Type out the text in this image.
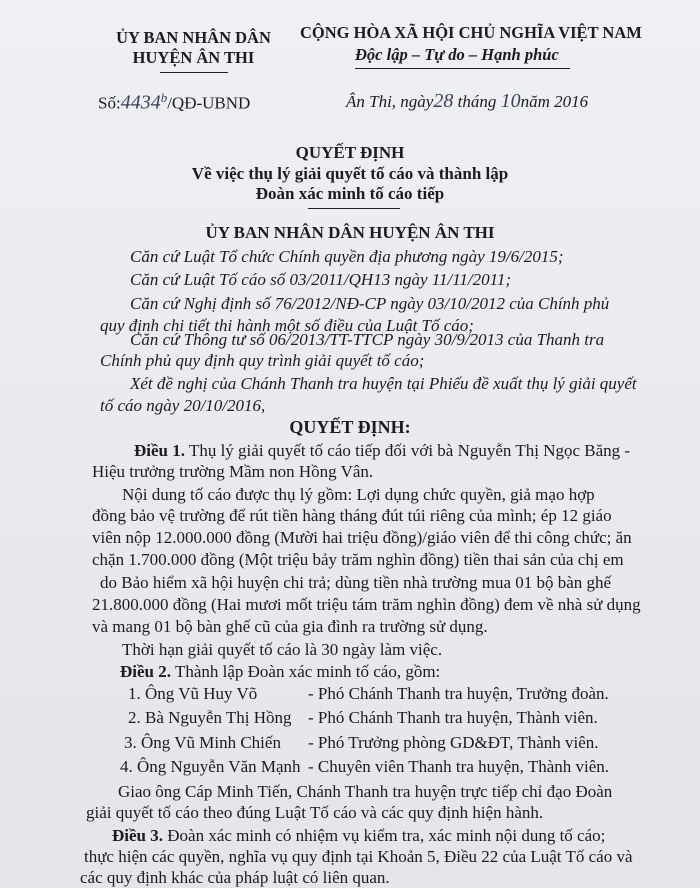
ỦY BAN NHÂN DÂN
HUYỆN ÂN THI
CỘNG HÒA XÃ HỘI CHỦ NGHĨA VIỆT NAM
Độc lập – Tự do – Hạnh phúc
Số:4434$^b$/QĐ-UBND	Ân Thi, ngày28 tháng 10năm 2016
QUYẾT ĐỊNH
Về việc thụ lý giải quyết tố cáo và thành lập
Đoàn xác minh tố cáo tiếp
ỦY BAN NHÂN DÂN HUYỆN ÂN THI
Căn cứ Luật Tổ chức Chính quyền địa phương ngày 19/6/2015;
Căn cứ Luật Tố cáo số 03/2011/QH13 ngày 11/11/2011;
Căn cứ Nghị định số 76/2012/NĐ-CP ngày 03/10/2012 của Chính phủ
quy định chi tiết thi hành một số điều của Luật Tố cáo;
Căn cứ Thông tư số 06/2013/TT-TTCP ngày 30/9/2013 của Thanh tra
Chính phủ quy định quy trình giải quyết tố cáo;
Xét đề nghị của Chánh Thanh tra huyện tại Phiếu đề xuất thụ lý giải quyết
tố cáo ngày 20/10/2016,
QUYẾT ĐỊNH:
Điều 1. Thụ lý giải quyết tố cáo tiếp đối với bà Nguyễn Thị Ngọc Băng -
Hiệu trưởng trường Mầm non Hồng Vân.
Nội dung tố cáo được thụ lý gồm: Lợi dụng chức quyền, giả mạo hợp
đồng bảo vệ trường để rút tiền hàng tháng đút túi riêng của mình; ép 12 giáo
viên nộp 12.000.000 đồng (Mười hai triệu đồng)/giáo viên để thi công chức; ăn
chặn 1.700.000 đồng (Một triệu bảy trăm nghìn đồng) tiền thai sản của chị em
do Bảo hiểm xã hội huyện chi trả; dùng tiền nhà trường mua 01 bộ bàn ghế
21.800.000 đồng (Hai mươi mốt triệu tám trăm nghìn đồng) đem về nhà sử dụng
và mang 01 bộ bàn ghế cũ của gia đình ra trường sử dụng.
Thời hạn giải quyết tố cáo là 30 ngày làm việc.
Điều 2. Thành lập Đoàn xác minh tố cáo, gồm:
1. Ông Vũ Huy Võ	- Phó Chánh Thanh tra huyện, Trưởng đoàn.
2. Bà Nguyễn Thị Hồng - Phó Chánh Thanh tra huyện, Thành viên.
3. Ông Vũ Minh Chiến - Phó Trưởng phòng GD&ĐT, Thành viên.
4. Ông Nguyễn Văn Mạnh - Chuyên viên Thanh tra huyện, Thành viên.
Giao ông Cáp Minh Tiến, Chánh Thanh tra huyện trực tiếp chỉ đạo Đoàn
giải quyết tố cáo theo đúng Luật Tố cáo và các quy định hiện hành.
Điều 3. Đoàn xác minh có nhiệm vụ kiểm tra, xác minh nội dung tố cáo;
thực hiện các quyền, nghĩa vụ quy định tại Khoản 5, Điều 22 của Luật Tố cáo và
các quy định khác của pháp luật có liên quan.
